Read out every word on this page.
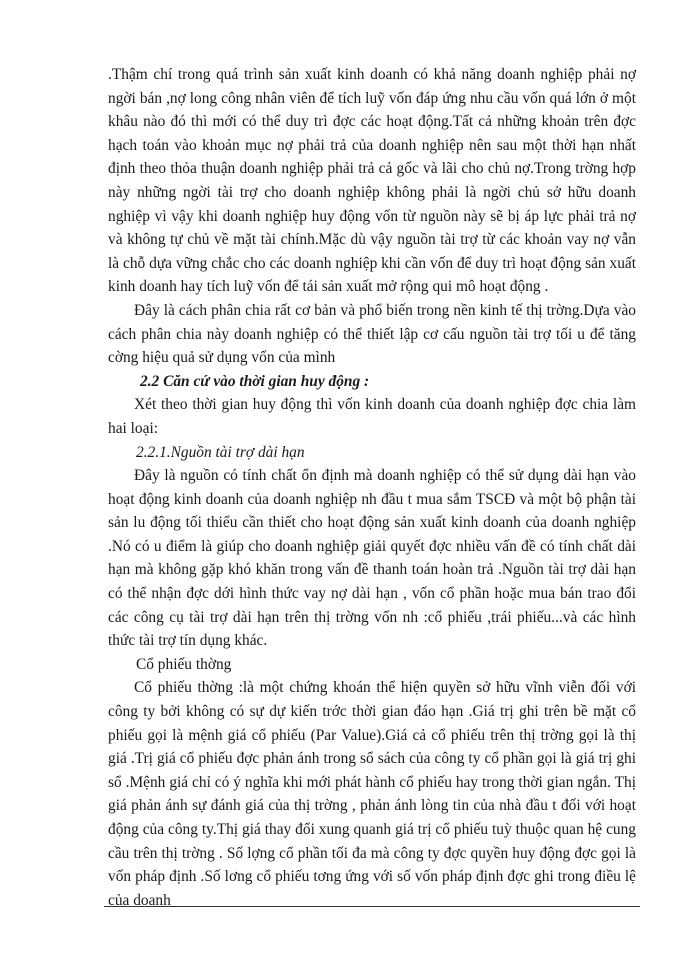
.Thậm chí trong quá trình sản xuất kinh doanh có khả năng doanh nghiệp phải nợ ngời bán ,nợ long công nhân viên để tích luỹ vốn đáp ứng nhu cầu vốn quá lớn ở một khâu nào đó thì mới có thể duy trì đợc các hoạt động.Tất cả những khoản trên đợc hạch toán vào khoản mục nợ phải trả của doanh nghiệp nên sau một thời hạn nhất định theo thỏa thuận doanh nghiệp phải trả cả gốc và lãi cho chủ nợ.Trong trờng hợp này những ngời tài trợ cho doanh nghiệp không phải là ngời chủ sở hữu doanh nghiệp vì vậy khi doanh nghiệp huy động vốn từ nguồn này sẽ bị áp lực phải trả nợ và không tự chủ về mặt tài chính.Mặc dù vậy nguồn tài trợ từ các khoản vay nợ vẫn là chỗ dựa vững chắc cho các doanh nghiệp khi cần vốn để duy trì hoạt động sản xuất kinh doanh hay tích luỹ vốn để tái sản xuất mở rộng qui mô hoạt động .

Đây là cách phân chia rất cơ bản và phổ biến trong nền kinh tế thị trờng.Dựa vào cách phân chia này doanh nghiệp có thể thiết lập cơ cấu nguồn tài trợ tối u để tăng cờng hiệu quả sử dụng vốn của mình

2.2 Căn cứ vào thời gian huy động :

Xét theo thời gian huy động thì vốn kinh doanh của doanh nghiệp đợc chia làm hai loại:

2.2.1.Nguồn tài trợ dài hạn

Đây là nguồn có tính chất ổn định mà doanh nghiệp có thể sử dụng dài hạn vào hoạt động kinh doanh của doanh nghiệp nh đầu t mua sắm TSCĐ và một bộ phận tài sản lu động tối thiểu cần thiết cho hoạt động sản xuất kinh doanh của doanh nghiệp .Nó có u điểm là giúp cho doanh nghiệp giải quyết đợc nhiều vấn đề có tính chất dài hạn mà không gặp khó khăn trong vấn đề thanh toán hoàn trả .Nguồn tài trợ dài hạn có thể nhận đợc dới hình thức vay nợ dài hạn , vốn cổ phần hoặc mua bán trao đổi các công cụ tài trợ dài hạn trên thị trờng vốn nh :cổ phiếu ,trái phiếu...và các hình thức tài trợ tín dụng khác.

Cổ phiếu thờng

Cổ phiếu thờng :là một chứng khoán thể hiện quyền sở hữu vĩnh viễn đối với công ty bởi không có sự dự kiến trớc thời gian đáo hạn .Giá trị ghi trên bề mặt cổ phiếu gọi là mệnh giá cổ phiếu (Par Value).Giá cả cổ phiếu trên thị trờng gọi là thị giá .Trị giá cổ phiếu đợc phản ánh trong sổ sách của công ty cổ phần gọi là giá trị ghi sổ .Mệnh giá chỉ có ý nghĩa khi mới phát hành cổ phiếu hay trong thời gian ngắn. Thị giá phản ánh sự đánh giá của thị trờng , phản ánh lòng tin của nhà đầu t đối với hoạt động của công ty.Thị giá thay đổi xung quanh giá trị cổ phiếu tuỳ thuộc quan hệ cung cầu trên thị trờng . Số lợng cổ phần tối đa mà công ty đợc quyền huy động đợc gọi là vốn pháp định .Số lơng cổ phiếu tơng ứng với số vốn pháp định đợc ghi trong điều lệ của doanh
